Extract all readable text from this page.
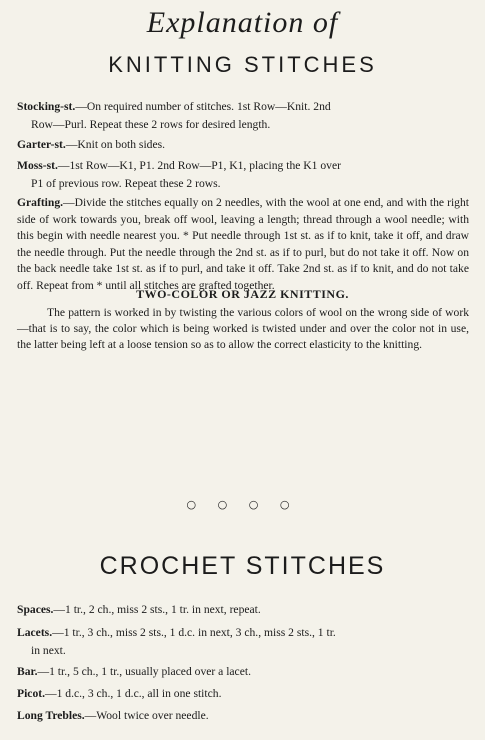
Explanation of
KNITTING STITCHES
Stocking-st.—On required number of stitches. 1st Row—Knit. 2nd
Row—Purl. Repeat these 2 rows for desired length.
Garter-st.—Knit on both sides.
Moss-st.—1st Row—K1, P1. 2nd Row—P1, K1, placing the K1 over
P1 of previous row. Repeat these 2 rows.
Grafting.—Divide the stitches equally on 2 needles, with the wool at one end, and with the right side of work towards you, break off wool, leaving a length; thread through a wool needle; with this begin with needle nearest you. * Put needle through 1st st. as if to knit, take it off, and draw the needle through. Put the needle through the 2nd st. as if to purl, but do not take it off. Now on the back needle take 1st st. as if to purl, and take it off. Take 2nd st. as if to knit, and do not take off. Repeat from * until all stitches are grafted together.
TWO-COLOR OR JAZZ KNITTING.
The pattern is worked in by twisting the various colors of wool on the wrong side of work—that is to say, the color which is being worked is twisted under and over the color not in use, the latter being left at a loose tension so as to allow the correct elasticity to the knitting.
○ ○ ○ ○
CROCHET STITCHES
Spaces.—1 tr., 2 ch., miss 2 sts., 1 tr. in next, repeat.
Lacets.—1 tr., 3 ch., miss 2 sts., 1 d.c. in next, 3 ch., miss 2 sts., 1 tr.
in next.
Bar.—1 tr., 5 ch., 1 tr., usually placed over a lacet.
Picot.—1 d.c., 3 ch., 1 d.c., all in one stitch.
Long Trebles.—Wool twice over needle.
